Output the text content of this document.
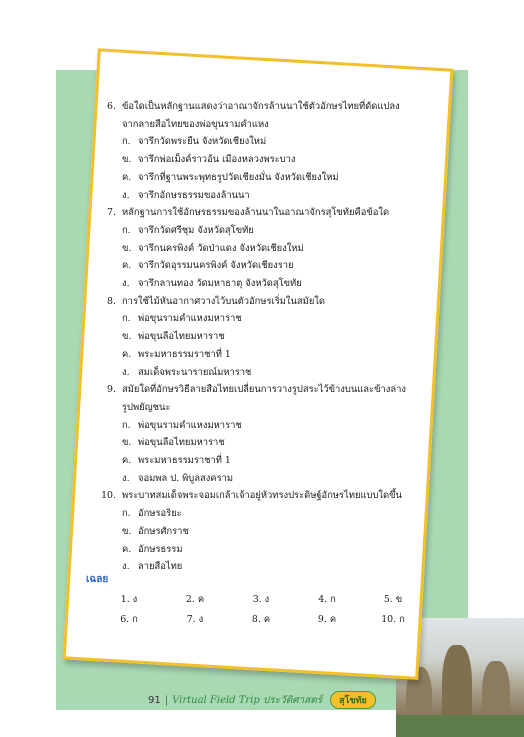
6. ข้อใดเป็นหลักฐานแสดงว่าอาณาจักรล้านนาใช้ตัวอักษรไทยที่ดัดแปลง
จากลายสือไทยของพ่อขุนรามคำแหง
ก. จารึกวัดพระยืน จังหวัดเชียงใหม่
ข. จารึกพ่อเม็งค์ราวอ้น เมืองหลวงพระบาง
ค. จารึกที่ฐานพระพุทธรูปวัดเชียงมั่น จังหวัดเชียงใหม่
ง. จารึกอักษรธรรมของล้านนา
7. หลักฐานการใช้อักษรธรรมของล้านนาในอาณาจักรสุโขทัยคือข้อใด
ก. จารึกวัดศรีชุม จังหวัดสุโขทัย
ข. จารึกนครพิงค์ วัดป่าแดง จังหวัดเชียงใหม่
ค. จารึกวัดอุรรมนครพิงค์ จังหวัดเชียงราย
ง. จารึกลานทอง วัดมหาธาตุ จังหวัดสุโขทัย
8. การใช้ไม้หันอากาศวางไว้บนตัวอักษรเริ่มในสมัยใด
ก. พ่อขุนรามคำแหงมหาราช
ข. พ่อขุนลือไทยมหาราช
ค. พระมหาธรรมราชาที่ 1
ง. สมเด็จพระนารายณ์มหาราช
9. สมัยใดที่อักษรวิธีลายสือไทยเปลี่ยนการวางรูปสระไว้ข้างบนและข้างล่าง
รูปพยัญชนะ
ก. พ่อขุนรามคำแหงมหาราช
ข. พ่อขุนลือไทยมหาราช
ค. พระมหาธรรมราชาที่ 1
ง. จอมพล ป. พิบูลสงคราม
10. พระบาทสมเด็จพระจอมเกล้าเจ้าอยู่หัวทรงประดิษฐ์อักษรไทยแบบใดขึ้น
ก. อักษรอริยะ
ข. อักษรศักราช
ค. อักษรธรรม
ง. ลายสือไทย
เฉลย
1. ง	2. ค	3. ง	4. ก	5. ข
6. ก	7. ง	8. ค	9. ค	10. ก
91 | Virtual Field Trip ประวัติศาสตร์	สุโขทัย
